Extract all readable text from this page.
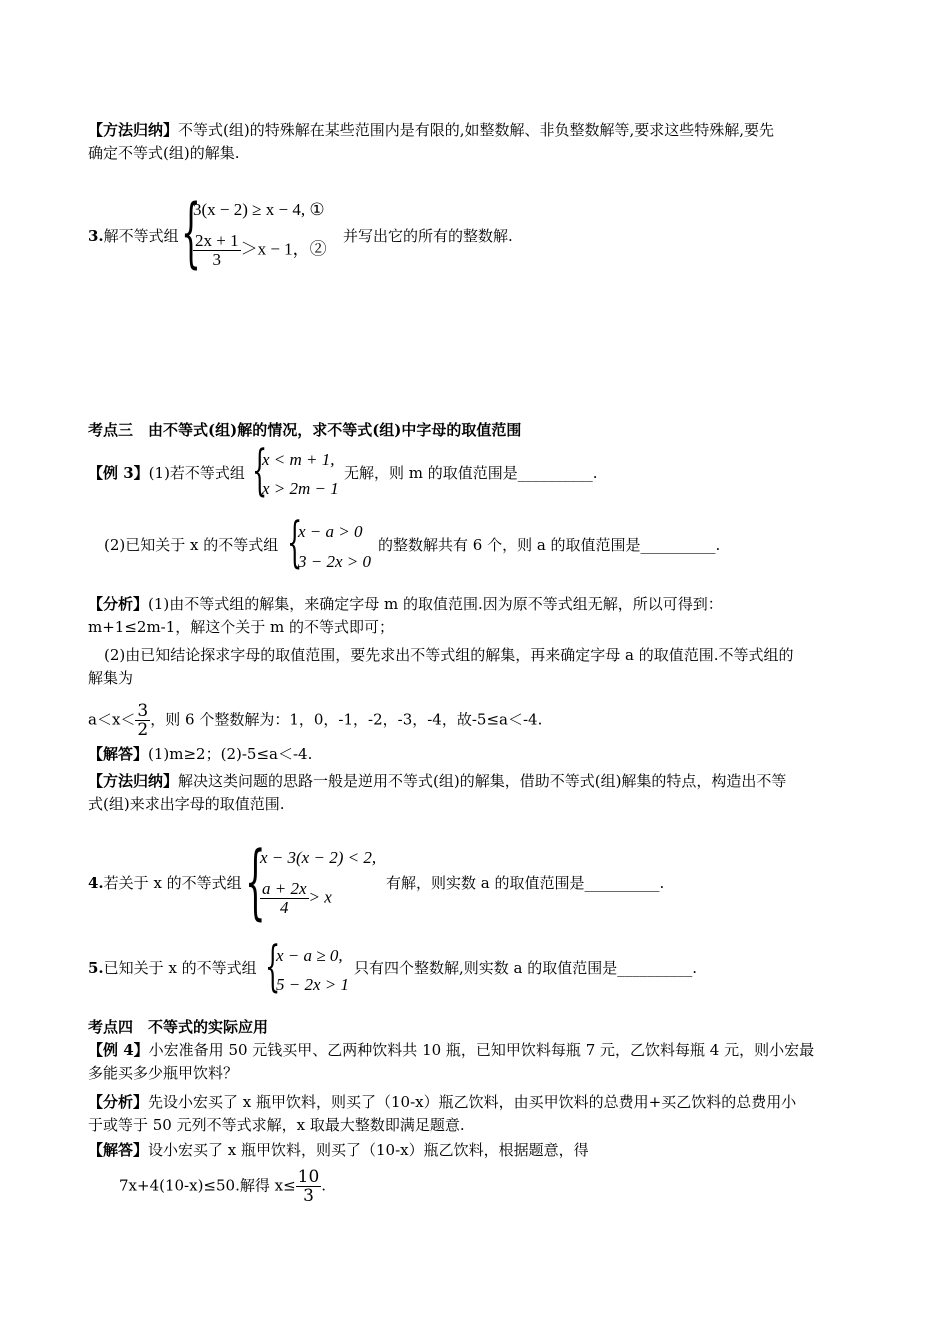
【方法归纳】不等式(组)的特殊解在某些范围内是有限的,如整数解、非负整数解等,要求这些特殊解,要先
确定不等式(组)的解集.
3.解不等式组 {
3(x − 2) ≥ x − 4, ①
$\frac{2x + 1}{3} >x - 1$，②
并写出它的所有的整数解.
考点三　由不等式(组)解的情况，求不等式(组)中字母的取值范围
【例 3】(1)若不等式组 {
x < m + 1,
x > 2m − 1
无解，则 m 的取值范围是__________.
(2)已知关于 x 的不等式组 {
x − a > 0
3 − 2x > 0
的整数解共有 6 个，则 a 的取值范围是__________.
【分析】(1)由不等式组的解集，来确定字母 m 的取值范围.因为原不等式组无解，所以可得到：
m+1≤2m-1，解这个关于 m 的不等式即可；
(2)由已知结论探求字母的取值范围，要先求出不等式组的解集，再来确定字母 a 的取值范围.不等式组的
解集为
$a<x< \frac{3}{2}$ ，则 6 个整数解为：1，0，-1，-2，-3，-4，故-5≤a＜-4.
【解答】(1)m≥2；(2)-5≤a＜-4.
【方法归纳】解决这类问题的思路一般是逆用不等式(组)的解集，借助不等式(组)解集的特点，构造出不等
式(组)来求出字母的取值范围.
4.若关于 x 的不等式组 {
x − 3(x − 2) < 2,
$\frac{a + 2x}{4} > x$
有解，则实数 a 的取值范围是__________.
5.已知关于 x 的不等式组 {
x − a ≥ 0,
5 − 2x > 1
只有四个整数解,则实数 a 的取值范围是__________.
考点四　不等式的实际应用
【例 4】小宏准备用 50 元钱买甲、乙两种饮料共 10 瓶，已知甲饮料每瓶 7 元，乙饮料每瓶 4 元，则小宏最
多能买多少瓶甲饮料？
【分析】先设小宏买了 x 瓶甲饮料，则买了（10-x）瓶乙饮料，由买甲饮料的总费用+买乙饮料的总费用小
于或等于 50 元列不等式求解，x 取最大整数即满足题意.
【解答】设小宏买了 x 瓶甲饮料，则买了（10-x）瓶乙饮料，根据题意，得
7x+4(10-x)≤50.解得 $x\le \frac{10}{3}$ .
